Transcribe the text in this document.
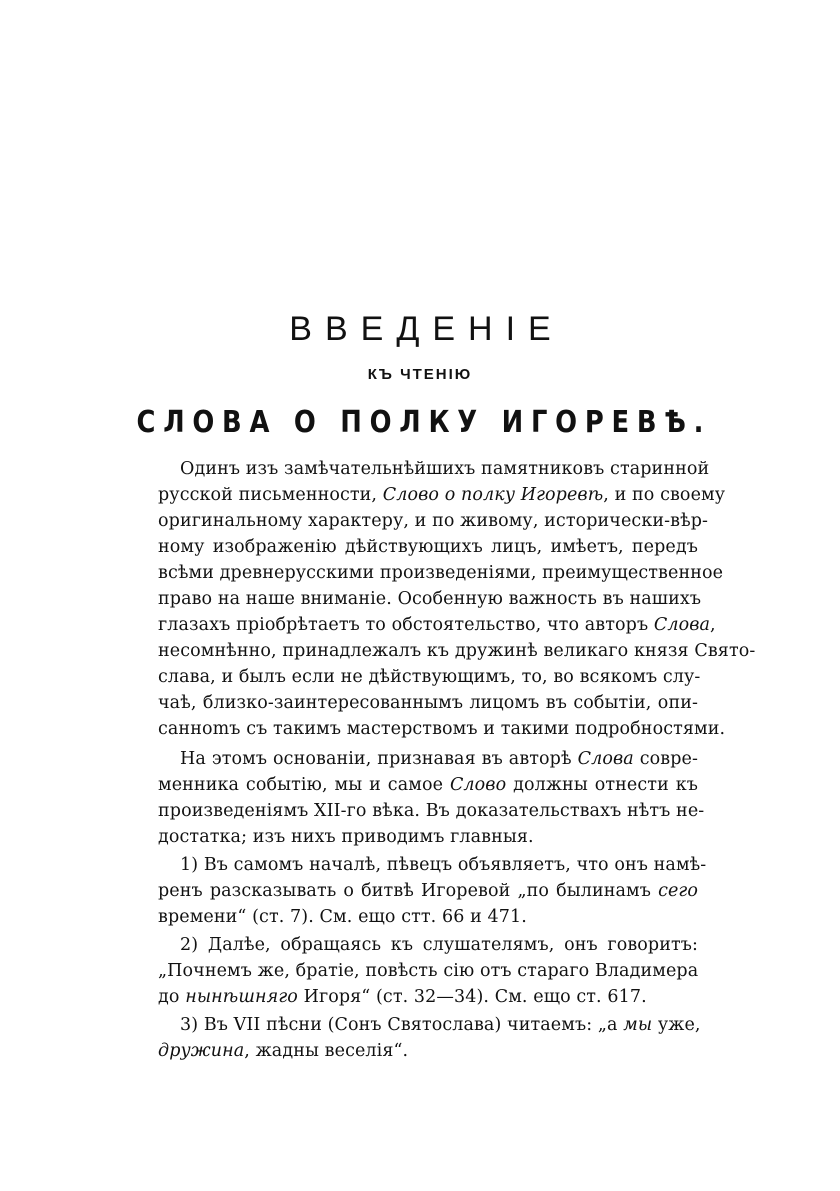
ВВЕДЕНІЕ
КЪ ЧТЕНІЮ
СЛОВА О ПОЛКУ ИГОРЕВѢ.
Одинъ изъ замѣчательнѣйшихъ памятниковъ старинной
русской письменности, Слово о полку Игоревѣ, и по своему
оригинальному характеру, и по живому, исторически-вѣр-
ному изображенію дѣйствующихъ лицъ, имѣетъ, передъ
всѣми древнерусскими произведеніями, преимущественное
право на наше вниманіе. Особенную важность въ нашихъ
глазахъ пріобрѣтаетъ то обстоятельство, что авторъ Слова,
несомнѣнно, принадлежалъ къ дружинѣ великаго князя Свято-
слава, и былъ если не дѣйствующимъ, то, во всякомъ слу-
чаѣ, близко-заинтересованнымъ лицомъ въ событіи, опи-
саннomъ съ такимъ мастерствомъ и такими подробностями.
На этомъ основаніи, признавая въ авторѣ Слова совре-
менника событію, мы и самое Слово должны отнести къ
произведеніямъ XII-го вѣка. Въ доказательствахъ нѣтъ не-
достатка; изъ нихъ приводимъ главныя.
1) Въ самомъ началѣ, пѣвецъ объявляетъ, что онъ намѣ-
ренъ разсказывать о битвѣ Игоревой „по былинамъ сего
времени“ (ст. 7). См. ещо стт. 66 и 471.
2) Далѣе, обращаясь къ слушателямъ, онъ говоритъ:
„Почнемъ же, братіе, повѣсть сію отъ стараго Владимера
до нынѣшняго Игоря“ (ст. 32—34). См. ещо ст. 617.
3) Въ VII пѣсни (Сонъ Святослава) читаемъ: „а мы уже,
дружина, жадны веселія“.
